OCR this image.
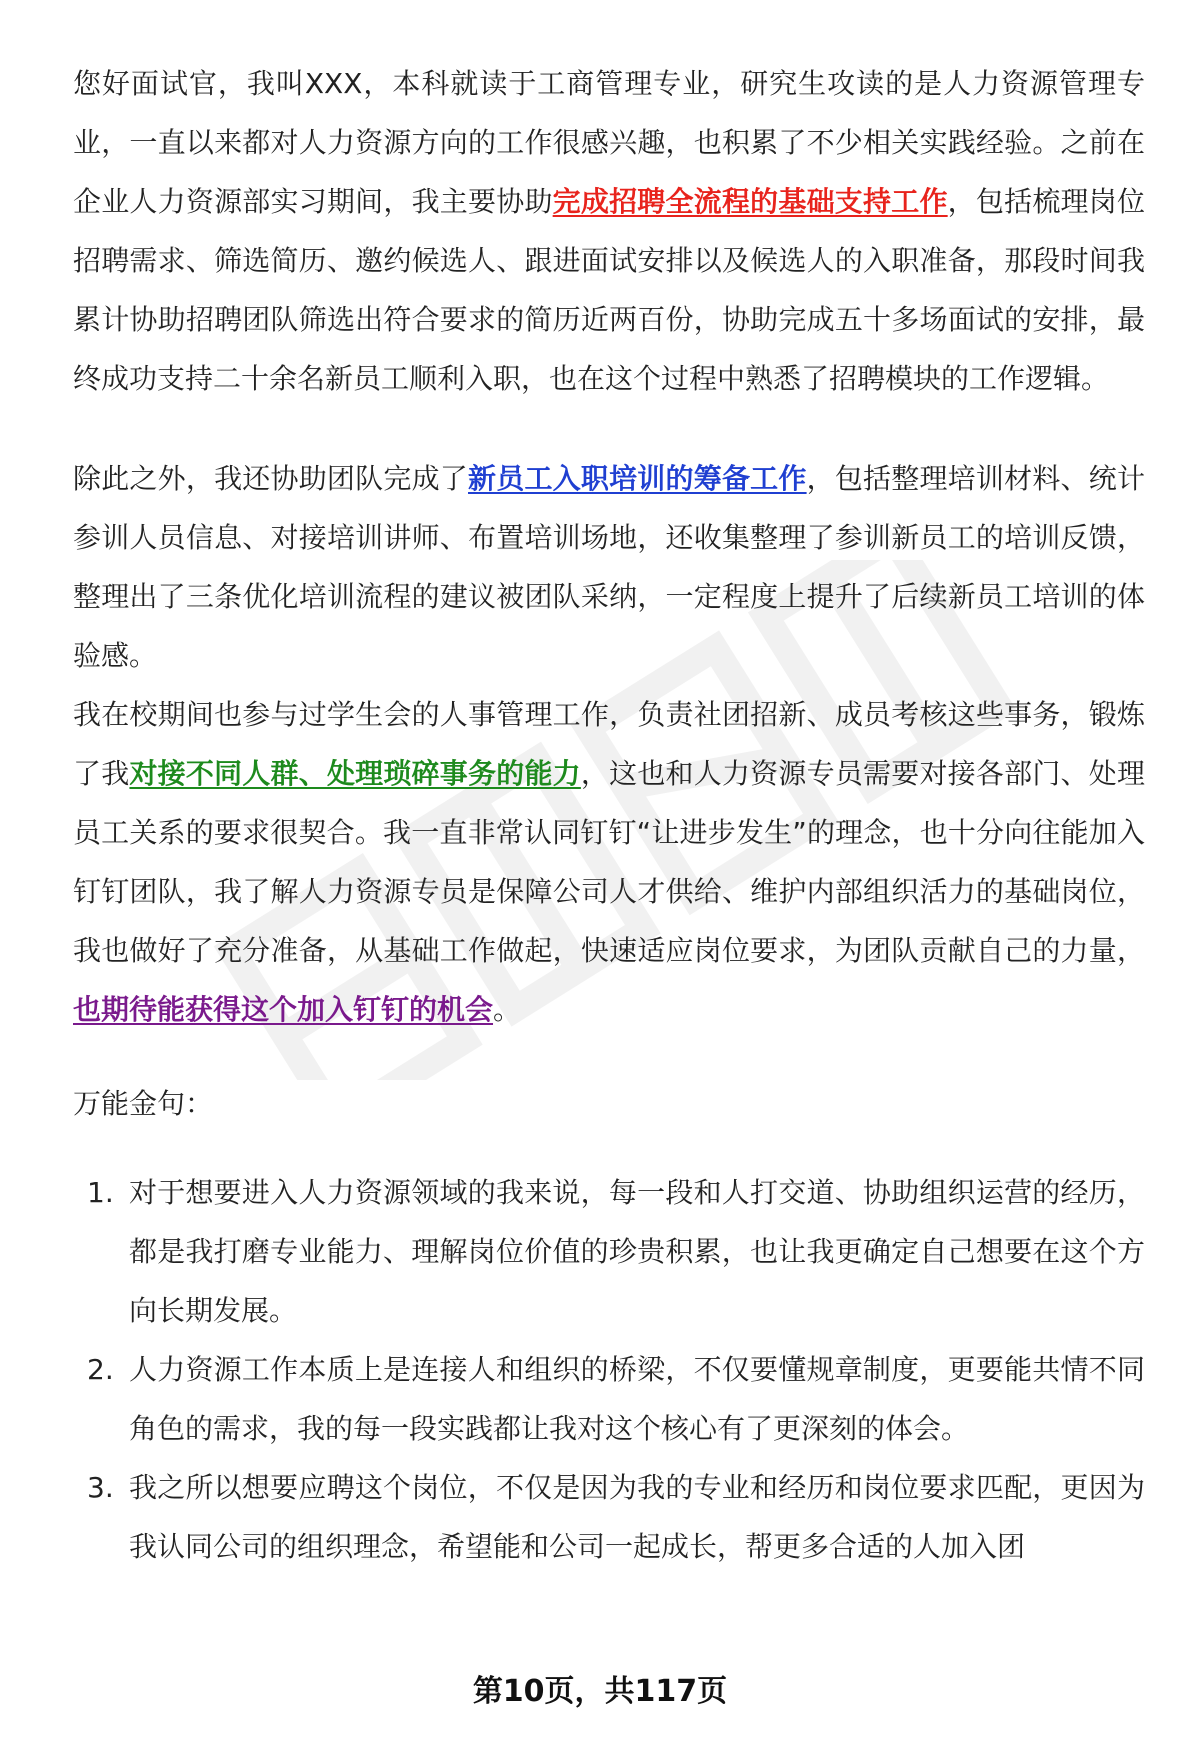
您好面试官，我叫XXX，本科就读于工商管理专业，研究生攻读的是人力资源管理专业，一直以来都对人力资源方向的工作很感兴趣，也积累了不少相关实践经验。之前在企业人力资源部实习期间，我主要协助完成招聘全流程的基础支持工作，包括梳理岗位招聘需求、筛选简历、邀约候选人、跟进面试安排以及候选人的入职准备，那段时间我累计协助招聘团队筛选出符合要求的简历近两百份，协助完成五十多场面试的安排，最终成功支持二十余名新员工顺利入职，也在这个过程中熟悉了招聘模块的工作逻辑。

除此之外，我还协助团队完成了新员工入职培训的筹备工作，包括整理培训材料、统计参训人员信息、对接培训讲师、布置培训场地，还收集整理了参训新员工的培训反馈，整理出了三条优化培训流程的建议被团队采纳，一定程度上提升了后续新员工培训的体验感。

我在校期间也参与过学生会的人事管理工作，负责社团招新、成员考核这些事务，锻炼了我对接不同人群、处理琐碎事务的能力，这也和人力资源专员需要对接各部门、处理员工关系的要求很契合。我一直非常认同钉钉“让进步发生”的理念，也十分向往能加入钉钉团队，我了解人力资源专员是保障公司人才供给、维护内部组织活力的基础岗位，我也做好了充分准备，从基础工作做起，快速适应岗位要求，为团队贡献自己的力量，也期待能获得这个加入钉钉的机会。

万能金句：

1. 对于想要进入人力资源领域的我来说，每一段和人打交道、协助组织运营的经历，都是我打磨专业能力、理解岗位价值的珍贵积累，也让我更确定自己想要在这个方向长期发展。
2. 人力资源工作本质上是连接人和组织的桥梁，不仅要懂规章制度，更要能共情不同角色的需求，我的每一段实践都让我对这个核心有了更深刻的体会。
3. 我之所以想要应聘这个岗位，不仅是因为我的专业和经历和岗位要求匹配，更因为我认同公司的组织理念，希望能和公司一起成长，帮更多合适的人加入团
第10页，共117页
